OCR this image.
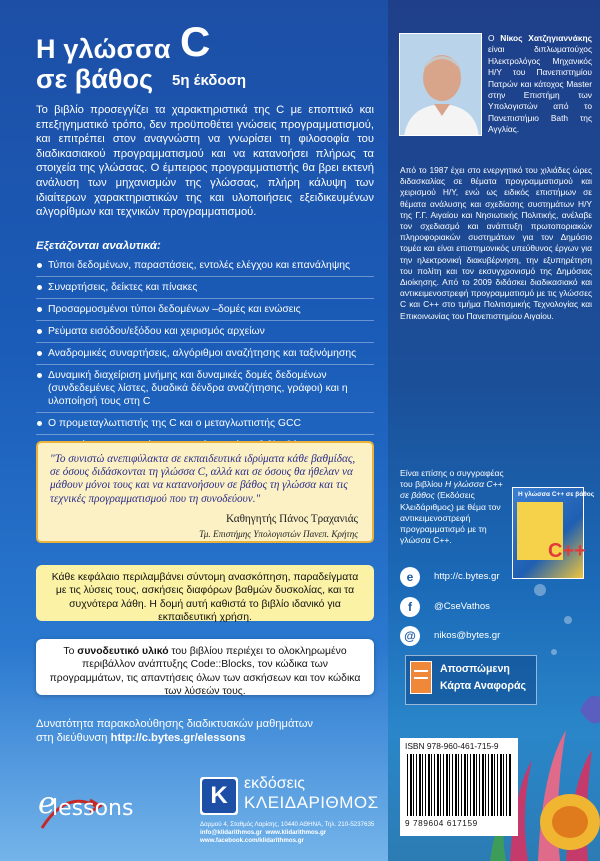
Η γλώσσα C
σε βάθος 5η έκδοση

Το βιβλίο προσεγγίζει τα χαρακτηριστικά της C με εποπτικό και επεξηγηματικό τρόπο, δεν προϋποθέτει γνώσεις προγραμματισμού, και επιτρέπει στον αναγνώστη να γνωρίσει τη φιλοσοφία του διαδικασιακού προγραμματισμού και να κατανοήσει πλήρως τα στοιχεία της γλώσσας. Ο έμπειρος προγραμματιστής θα βρει εκτενή ανάλυση των μηχανισμών της γλώσσας, πλήρη κάλυψη των ιδιαίτερων χαρακτηριστικών της και υλοποιήσεις εξειδικευμένων αλγορίθμων και τεχνικών προγραμματισμού.

Εξετάζονται αναλυτικά:
Τύποι δεδομένων, παραστάσεις, εντολές ελέγχου και επανάληψης
Συναρτήσεις, δείκτες και πίνακες
Προσαρμοσμένοι τύποι δεδομένων –δομές και ενώσεις
Ρεύματα εισόδου/εξόδου και χειρισμός αρχείων
Αναδρομικές συναρτήσεις, αλγόριθμοι αναζήτησης και ταξινόμησης
Δυναμική διαχείριση μνήμης και δυναμικές δομές δεδομένων (συνδεδεμένες λίστες, δυαδικά δένδρα αναζήτησης, γράφοι) και η υλοποίησή τους στη C
Ο προμεταγλωττιστής της C και ο μεταγλωττιστής GCC

"Το συνιστώ ανεπιφύλακτα σε εκπαιδευτικά ιδρύματα κάθε βαθμίδας, σε όσους διδάσκονται τη γλώσσα C, αλλά και σε όσους θα ήθελαν να μάθουν μόνοι τους και να κατανοήσουν σε βάθος τη γλώσσα και τις τεχνικές προγραμματισμού που τη συνοδεύουν."

Καθηγητής Πάνος Τραχανιάς
Τμ. Επιστήμης Υπολογιστών Πανεπ. Κρήτης
Κάθε κεφάλαιο περιλαμβάνει σύντομη ανασκόπηση, παραδείγματα με τις λύσεις τους, ασκήσεις διαφόρων βαθμών δυσκολίας, και τα συχνότερα λάθη. Η δομή αυτή καθιστά το βιβλίο ιδανικό για εκπαιδευτική χρήση.
Το συνοδευτικό υλικό του βιβλίου περιέχει το ολοκληρωμένο περιβάλλον ανάπτυξης Code::Blocks, τον κώδικα των προγραμμάτων, τις απαντήσεις όλων των ασκήσεων και τον κώδικα των λύσεών τους.
Δυνατότητα παρακολούθησης διαδικτυακών μαθημάτων
στη διεύθυνση http://c.bytes.gr/elessons
e
lessons	K	εκδόσεις
ΚΛΕΙΔΑΡΙΘΜΟΣ
Δαρμού 4, Σταθμός Λαρίσης, 10440 ΑΘΗΝΑ, Τηλ. 210-5237635
info@klidarithmos.gr www.klidarithmos.gr
www.facebook.com/klidarithmos.gr
Ο Νίκος Χατζηγιαννάκης είναι διπλωματούχος Ηλεκτρολόγος Μηχανικός Η/Υ του Πανεπιστημίου Πατρών και κάτοχος Master στην Επιστήμη των Υπολογιστών από το Πανεπιστήμιο Bath της Αγγλίας.

Από το 1987 έχει στο ενεργητικό του χιλιάδες ώρες διδασκαλίας σε θέματα προγραμματισμού και χειρισμού Η/Υ, ενώ ως ειδικός επιστήμων σε θέματα ανάλυσης και σχεδίασης συστημάτων Η/Υ της Γ.Γ. Αιγαίου και Νησιωτικής Πολιτικής, ανέλαβε τον σχεδιασμό και ανάπτυξη πρωτοποριακών πληροφοριακών συστημάτων για τον Δημόσιο τομέα και είναι επιστημονικός υπεύθυνος έργων για την ηλεκτρονική διακυβέρνηση, την εξυπηρέτηση του πολίτη και τον εκσυγχρονισμό της Δημόσιας Διοίκησης. Από το 2009 διδάσκει διαδικασιακό και αντικειμενοστρεφή προγραμματισμό με τις γλώσσες C και C++ στο τμήμα Πολιτισμικής Τεχνολογίας και Επικοινωνίας του Πανεπιστημίου Αιγαίου.

Είναι επίσης ο συγγραφέας του βιβλίου Η γλώσσα C++ σε βάθος (Εκδόσεις Κλειδάριθμος) με θέμα τον αντικειμενοστρεφή προγραμματισμό με τη γλώσσα C++.
Η γλώσσα C++ σε βάθος
C++
e	http://c.bytes.gr
f	@CseVathos
@	nikos@bytes.gr
Αποσπώμενη
Κάρτα Αναφοράς
ISBN 978-960-461-715-9
9 789604 617159
